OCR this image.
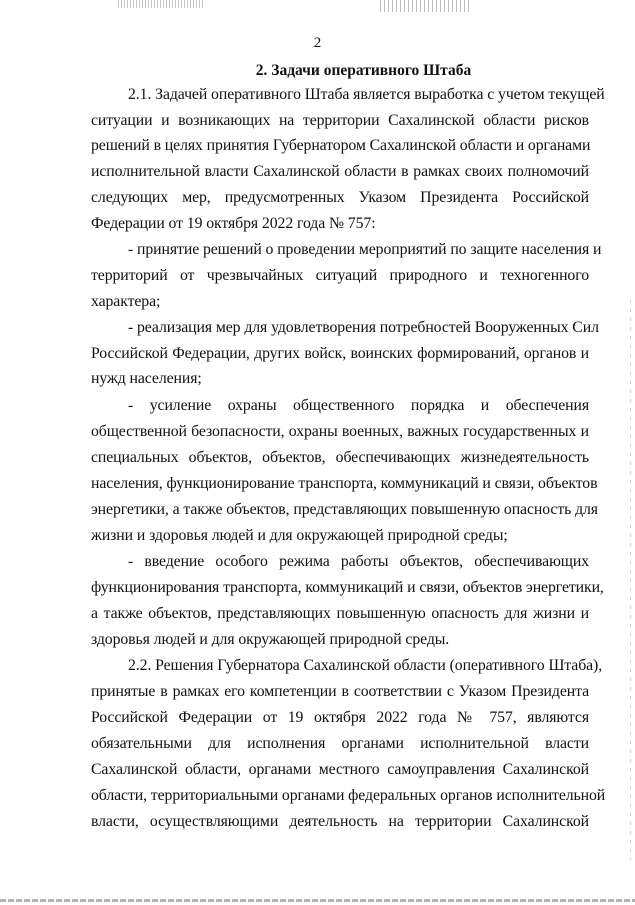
2
2. Задачи оперативного Штаба
2.1. Задачей оперативного Штаба является выработка с учетом текущей
ситуации и возникающих на территории Сахалинской области рисков
решений в целях принятия Губернатором Сахалинской области и органами
исполнительной власти Сахалинской области в рамках своих полномочий
следующих мер, предусмотренных Указом Президента Российской
Федерации от 19 октября 2022 года № 757:
- принятие решений о проведении мероприятий по защите населения и
территорий от чрезвычайных ситуаций природного и техногенного
характера;
- реализация мер для удовлетворения потребностей Вооруженных Сил
Российской Федерации, других войск, воинских формирований, органов и
нужд населения;
- усиление охраны общественного порядка и обеспечения
общественной безопасности, охраны военных, важных государственных и
специальных объектов, объектов, обеспечивающих жизнедеятельность
населения, функционирование транспорта, коммуникаций и связи, объектов
энергетики, а также объектов, представляющих повышенную опасность для
жизни и здоровья людей и для окружающей природной среды;
- введение особого режима работы объектов, обеспечивающих
функционирования транспорта, коммуникаций и связи, объектов энергетики,
а также объектов, представляющих повышенную опасность для жизни и
здоровья людей и для окружающей природной среды.
2.2. Решения Губернатора Сахалинской области (оперативного Штаба),
принятые в рамках его компетенции в соответствии с Указом Президента
Российской Федерации от 19 октября 2022 года № 757, являются
обязательными для исполнения органами исполнительной власти
Сахалинской области, органами местного самоуправления Сахалинской
области, территориальными органами федеральных органов исполнительной
власти, осуществляющими деятельность на территории Сахалинской
